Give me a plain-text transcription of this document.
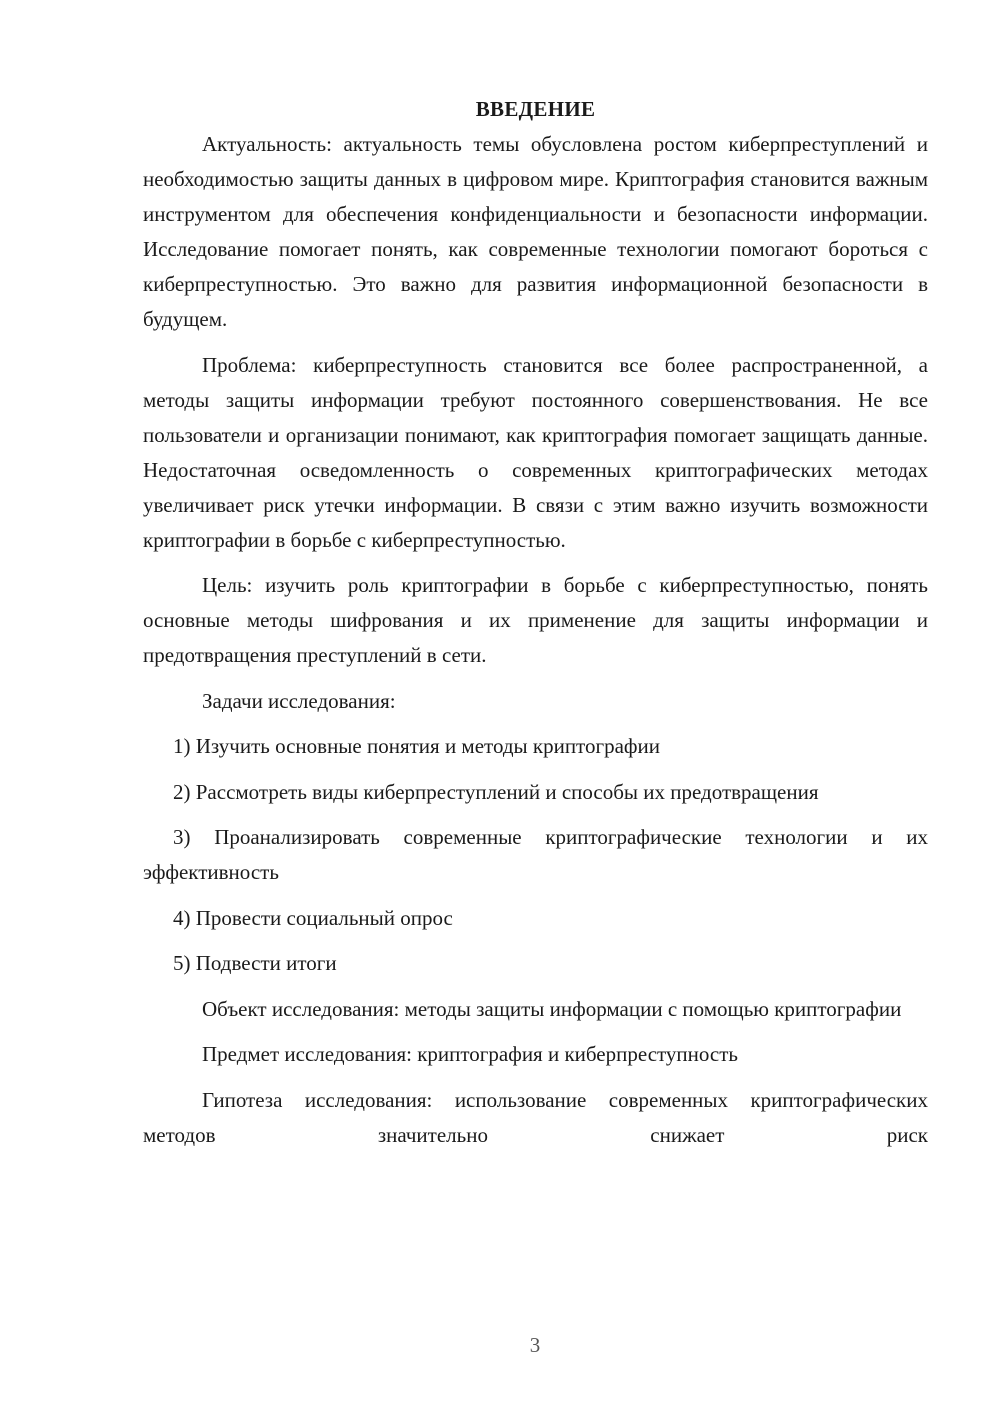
ВВЕДЕНИЕ

Актуальность: актуальность темы обусловлена ростом киберпреступлений и необходимостью защиты данных в цифровом мире. Криптография становится важным инструментом для обеспечения конфиденциальности и безопасности информации. Исследование помогает понять, как современные технологии помогают бороться с киберпреступностью. Это важно для развития информационной безопасности в будущем.

Проблема: киберпреступность становится все более распространенной, а методы защиты информации требуют постоянного совершенствования. Не все пользователи и организации понимают, как криптография помогает защищать данные. Недостаточная осведомленность о современных криптографических методах увеличивает риск утечки информации. В связи с этим важно изучить возможности криптографии в борьбе с киберпреступностью.

Цель: изучить роль криптографии в борьбе с киберпреступностью, понять основные методы шифрования и их применение для защиты информации и предотвращения преступлений в сети.

Задачи исследования:

1) Изучить основные понятия и методы криптографии

2) Рассмотреть виды киберпреступлений и способы их предотвращения

3) Проанализировать современные криптографические технологии и их эффективность

4) Провести социальный опрос

5) Подвести итоги

Объект исследования: методы защиты информации с помощью криптографии

Предмет исследования: криптография и киберпреступность

Гипотеза исследования: использование современных криптографических методов значительно снижает риск

3
